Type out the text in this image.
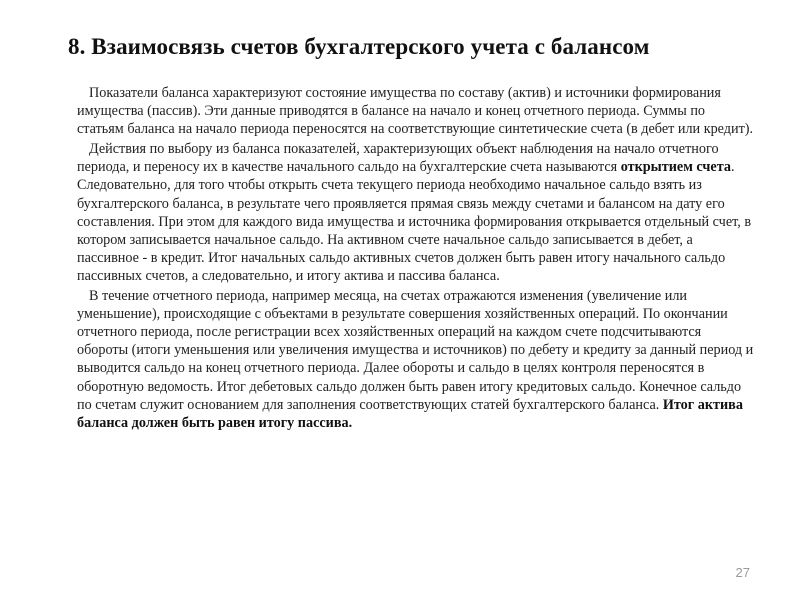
8. Взаимосвязь счетов бухгалтерского учета с балансом

Показатели баланса характеризуют состояние имущества по составу (актив) и источники формирования имущества (пассив). Эти данные приводятся в балансе на начало и конец отчетного периода. Суммы по статьям баланса на начало периода переносятся на соответствующие синтетические счета (в дебет или кредит).

Действия по выбору из баланса показателей, характеризующих объект наблюдения на начало отчетного периода, и переносу их в качестве начального сальдо на бухгалтерские счета называются открытием счета. Следовательно, для того чтобы открыть счета текущего периода необходимо начальное сальдо взять из бухгалтерского баланса, в результате чего проявляется прямая связь между счетами и балансом на дату его составления. При этом для каждого вида имущества и источника формирования открывается отдельный счет, в котором записывается начальное сальдо. На активном счете начальное сальдо записывается в дебет, а пассивное - в кредит. Итог начальных сальдо активных счетов должен быть равен итогу начального сальдо пассивных счетов, а следовательно, и итогу актива и пассива баланса.

В течение отчетного периода, например месяца, на счетах отражаются изменения (увеличение или уменьшение), происходящие с объектами в результате совершения хозяйственных операций. По окончании отчетного периода, после регистрации всех хозяйственных операций на каждом счете подсчитываются обороты (итоги уменьшения или увеличения имущества и источников) по дебету и кредиту за данный период и выводится сальдо на конец отчетного периода. Далее обороты и сальдо в целях контроля переносятся в оборотную ведомость. Итог дебетовых сальдо должен быть равен итогу кредитовых сальдо. Конечное сальдо по счетам служит основанием для заполнения соответствующих статей бухгалтерского баланса. Итог актива баланса должен быть равен итогу пассива.

27
